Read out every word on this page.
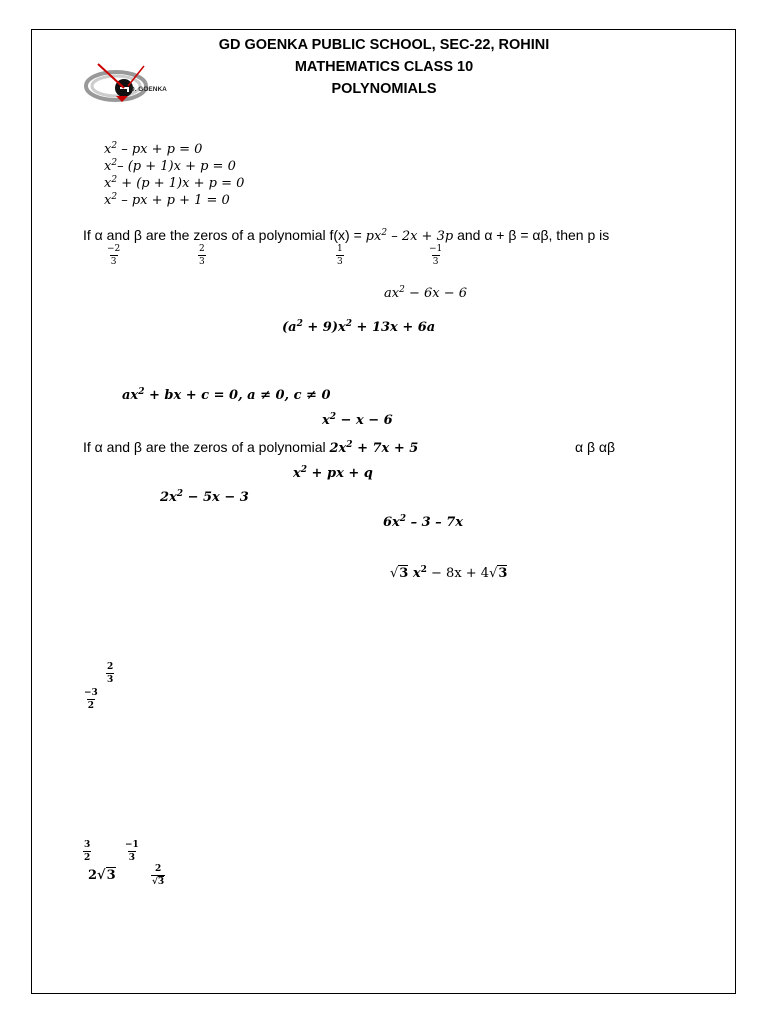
GD GOENKA PUBLIC SCHOOL, SEC-22, ROHINI
MATHEMATICS CLASS 10
POLYNOMIALS
D. GOENKA
$x^2$ – px + p = 0
$x^2-$ (p + 1)x + p = 0
$x^2 + (p + 1)x + p = 0$
$x^2$ – px + p + 1 = 0
If α and β are the zeros of a polynomial $f(x) = px^2 - 2x + 3p$ and α + β = αβ, then p is
$\frac{-2}{3}$	$\frac{2}{3}$	$\frac{1}{3}$	$\frac{-1}{3}$
$ax^2 - 6x - 6$
$(a^2 + 9)x^2 + 13x + 6a$
$ax^2$ + bx + c = 0, a ≠ 0, c ≠ 0
$x^2 - x - 6$
If α and β are the zeros of a polynomial $2x^2 + 7x + 5$	α β αβ
$x^2$ + px + q
$2x^2 - 5x - 3$
$6x^2 - 3 - 7x$
√3 $x^2 - 8x + 4√3$
$\frac{2}{3}$
$\frac{-3}{2}$
$\frac{3}{2}$	$\frac{-1}{3}$
2√3	$\frac{2}{√3}$
